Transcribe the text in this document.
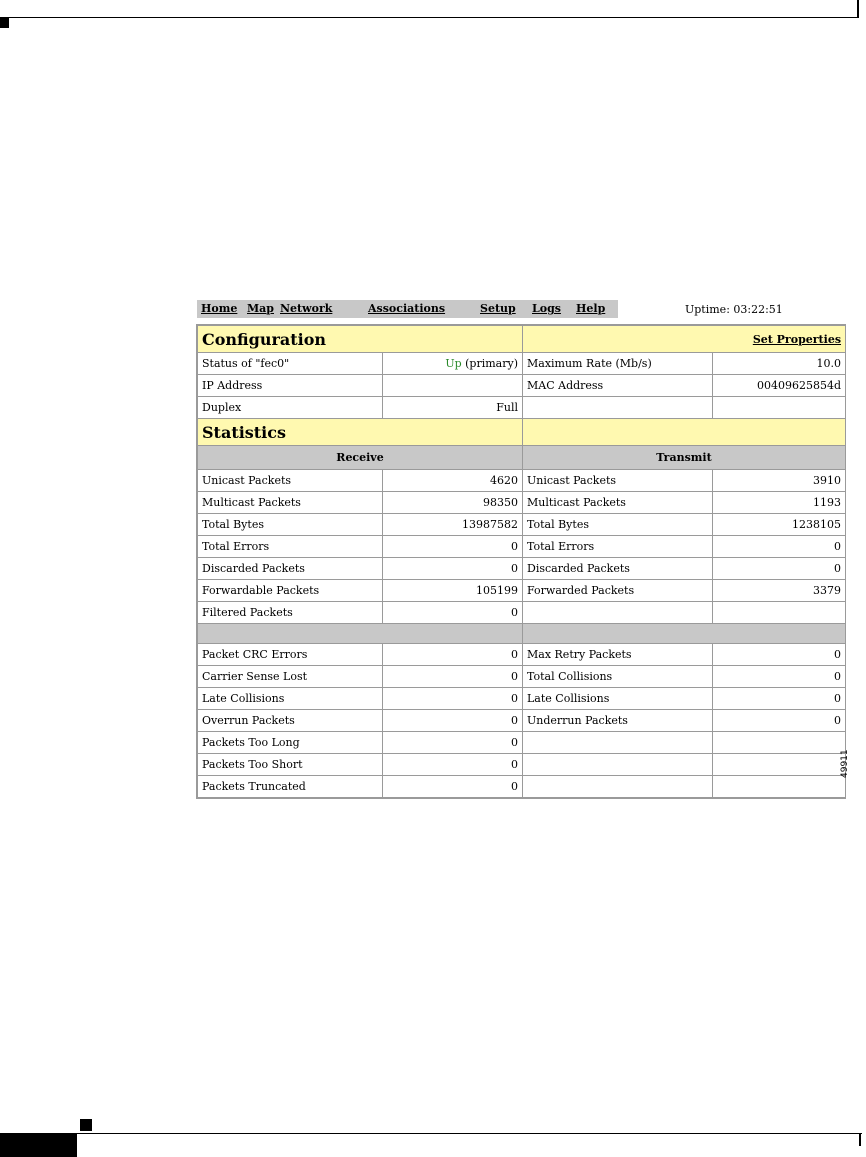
Home Map Network	Associations	Setup	Logs	Help	Uptime: 03:22:51
Configuration		Set Properties	

Status of "fec0"	Up (primary)	Maximum Rate (Mb/s)	10.0
IP Address		MAC Address	00409625854d
Duplex	Full		
Statistics			
Receive		Transmit	
Unicast Packets	4620	Unicast Packets	3910
Multicast Packets	98350	Multicast Packets	1193
Total Bytes	13987582	Total Bytes	1238105
Total Errors	0	Total Errors	0
Discarded Packets	0	Discarded Packets	0
Forwardable Packets	105199	Forwarded Packets	3379
Filtered Packets	0		

Packet CRC Errors	0	Max Retry Packets	0
Carrier Sense Lost	0	Total Collisions	0
Late Collisions	0	Late Collisions	0
Overrun Packets	0	Underrun Packets	0
Packets Too Long	0		
Packets Too Short	0		
Packets Truncated	0		
49911
